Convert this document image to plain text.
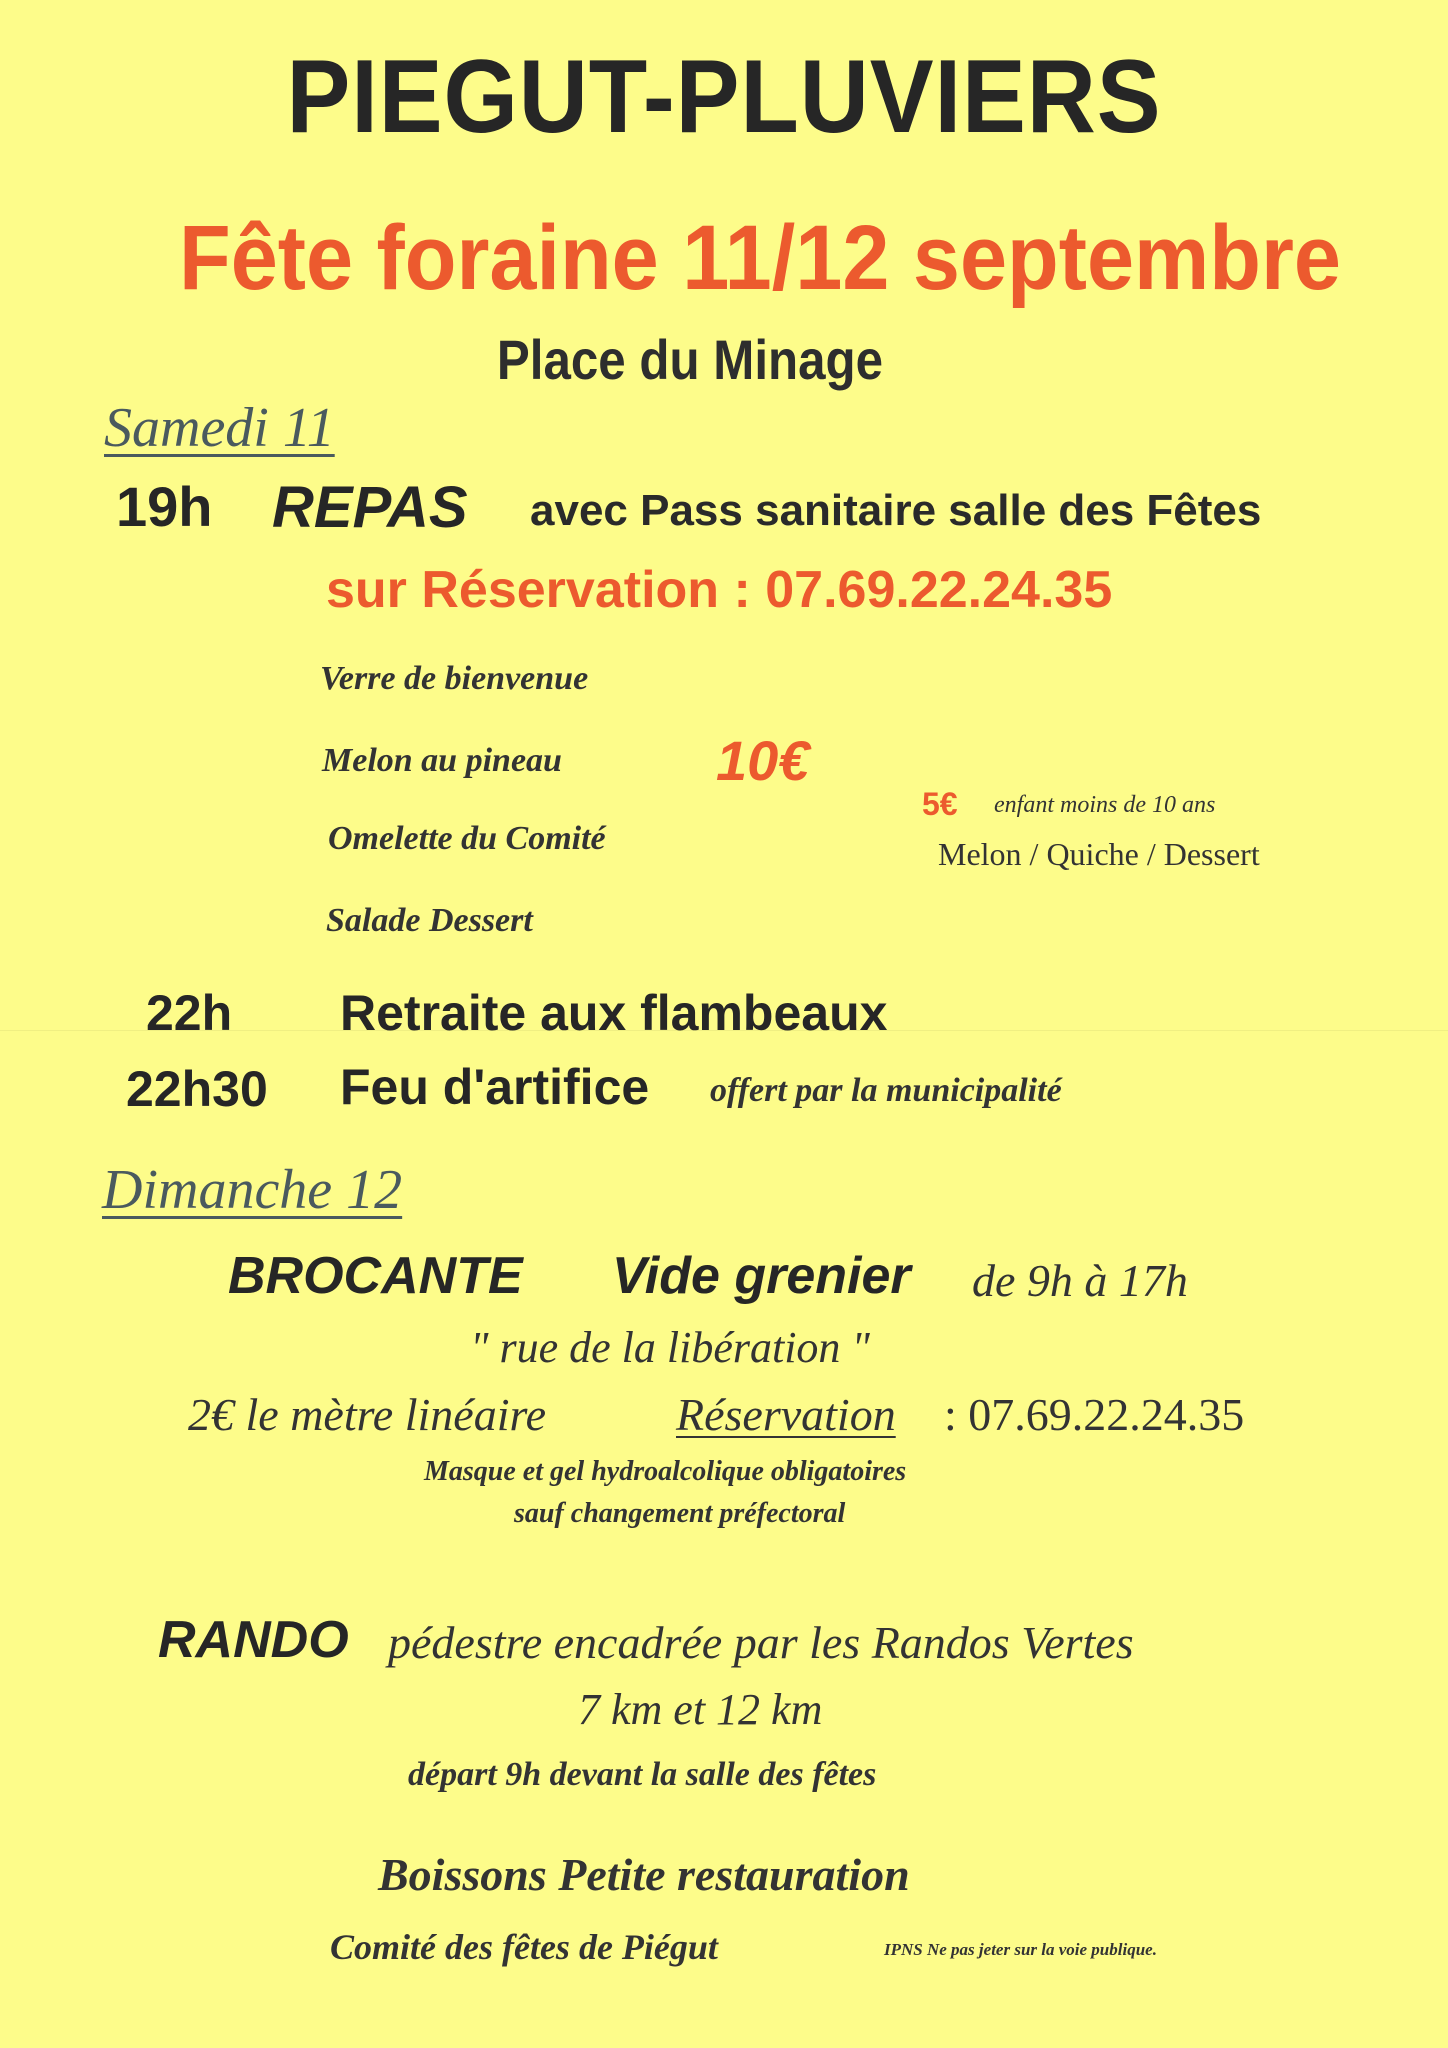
PIEGUT-PLUVIERS
Fête foraine 11/12 septembre
Place du Minage
Samedi 11
19h REPAS avec Pass sanitaire salle des Fêtes
sur Réservation : 07.69.22.24.35
Verre de bienvenue
Melon au pineau
Omelette du Comité
Salade Dessert
10€
5€ enfant moins de 10 ans
Melon / Quiche / Dessert
22h Retraite aux flambeaux
22h30 Feu d'artifice offert par la municipalité
Dimanche 12
BROCANTE Vide grenier de 9h à 17h
" rue de la libération "
2€ le mètre linéaire	Réservation : 07.69.22.24.35
Masque et gel hydroalcolique obligatoires
sauf changement préfectoral
RANDO pédestre encadrée par les Randos Vertes
7 km et 12 km
départ 9h devant la salle des fêtes
Boissons Petite restauration
Comité des fêtes de Piégut	IPNS Ne pas jeter sur la voie publique.
